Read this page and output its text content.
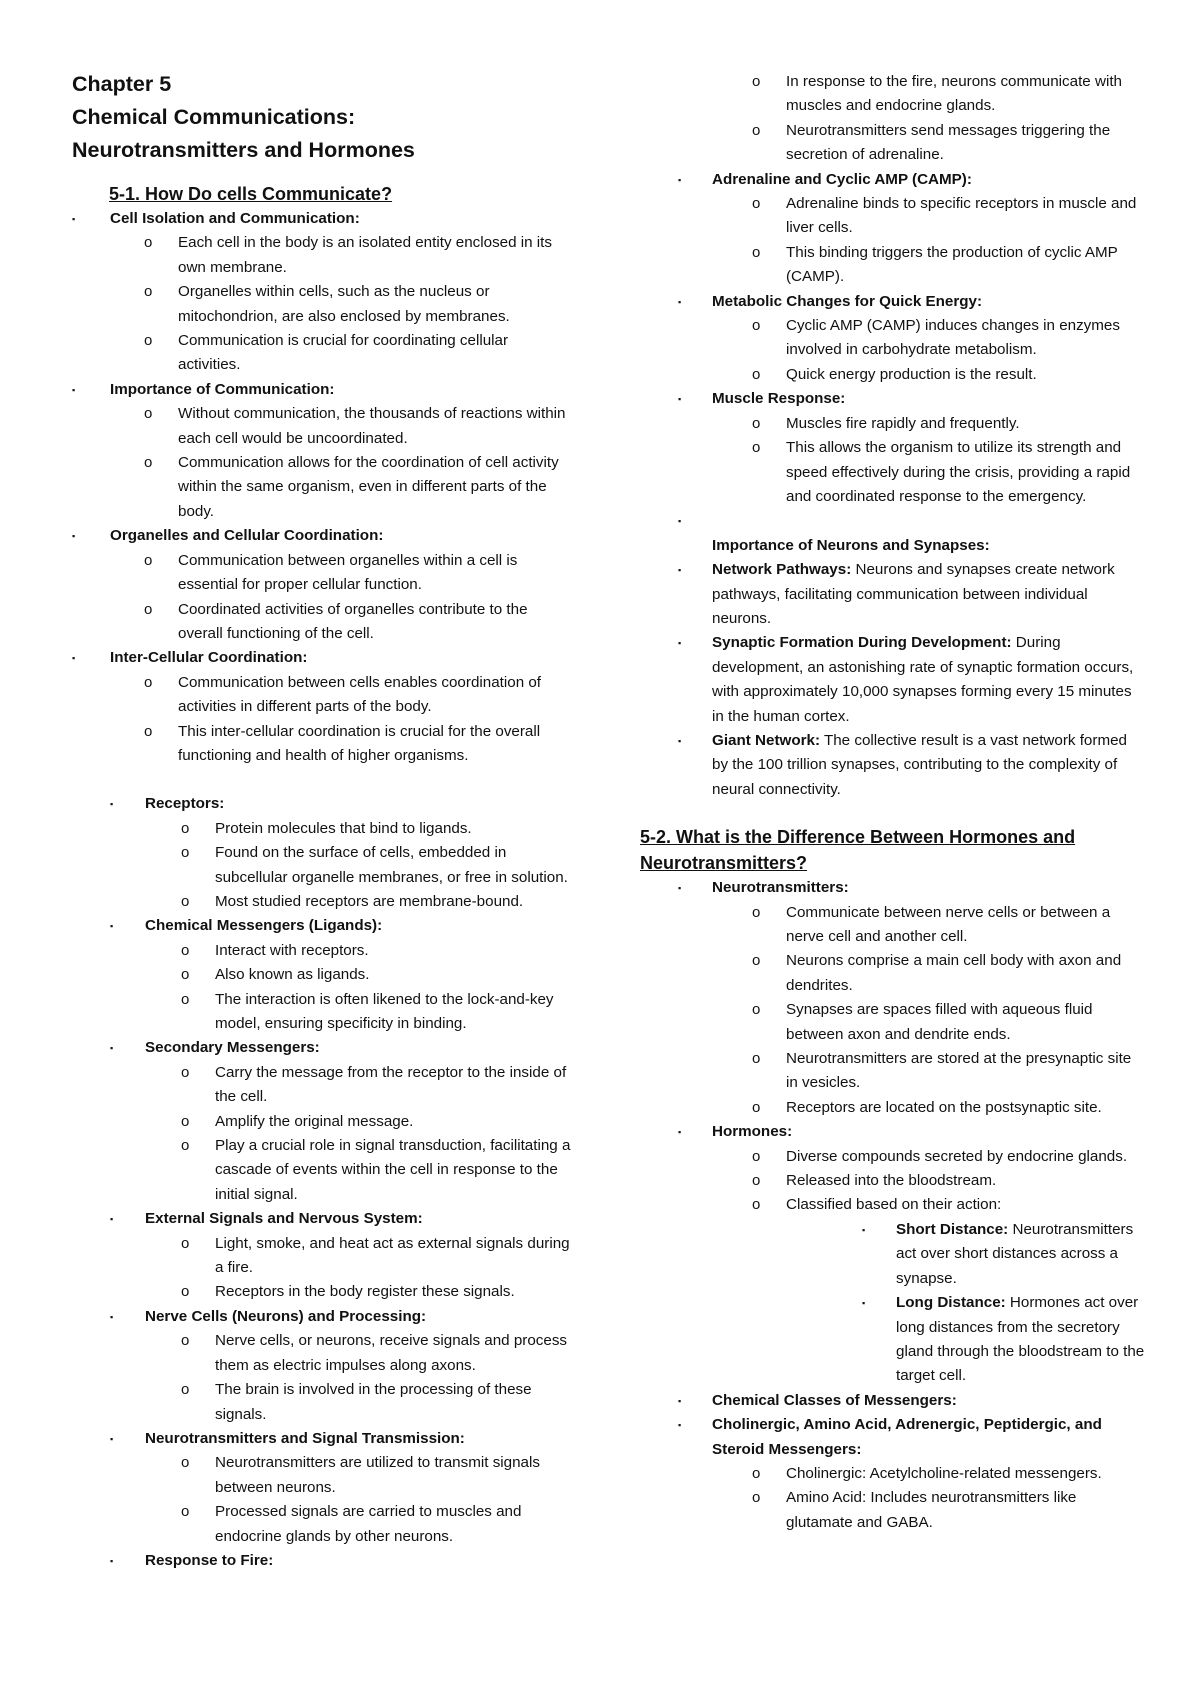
Chapter 5

Chemical Communications:

Neurotransmitters and Hormones

5-1. How Do cells Communicate?

▪ Cell Isolation and Communication:
o Each cell in the body is an isolated entity enclosed in its own membrane.
o Organelles within cells, such as the nucleus or mitochondrion, are also enclosed by membranes.
o Communication is crucial for coordinating cellular activities.
▪ Importance of Communication:
o Without communication, the thousands of reactions within each cell would be uncoordinated.
o Communication allows for the coordination of cell activity within the same organism, even in different parts of the body.
▪ Organelles and Cellular Coordination:
o Communication between organelles within a cell is essential for proper cellular function.
o Coordinated activities of organelles contribute to the overall functioning of the cell.
▪ Inter-Cellular Coordination:
o Communication between cells enables coordination of activities in different parts of the body.
o This inter-cellular coordination is crucial for the overall functioning and health of higher organisms.
▪ Receptors:
o Protein molecules that bind to ligands.
o Found on the surface of cells, embedded in subcellular organelle membranes, or free in solution.
o Most studied receptors are membrane-bound.
▪ Chemical Messengers (Ligands):
o Interact with receptors.
o Also known as ligands.
o The interaction is often likened to the lock-and-key model, ensuring specificity in binding.
▪ Secondary Messengers:
o Carry the message from the receptor to the inside of the cell.
o Amplify the original message.
o Play a crucial role in signal transduction, facilitating a cascade of events within the cell in response to the initial signal.
▪ External Signals and Nervous System:
o Light, smoke, and heat act as external signals during a fire.
o Receptors in the body register these signals.
▪ Nerve Cells (Neurons) and Processing:
o Nerve cells, or neurons, receive signals and process them as electric impulses along axons.
o The brain is involved in the processing of these signals.
▪ Neurotransmitters and Signal Transmission:
o Neurotransmitters are utilized to transmit signals between neurons.
o Processed signals are carried to muscles and endocrine glands by other neurons.
▪ Response to Fire:
o In response to the fire, neurons communicate with muscles and endocrine glands.
o Neurotransmitters send messages triggering the secretion of adrenaline.
▪ Adrenaline and Cyclic AMP (CAMP):
o Adrenaline binds to specific receptors in muscle and liver cells.
o This binding triggers the production of cyclic AMP (CAMP).
▪ Metabolic Changes for Quick Energy:
o Cyclic AMP (CAMP) induces changes in enzymes involved in carbohydrate metabolism.
o Quick energy production is the result.
▪ Muscle Response:
o Muscles fire rapidly and frequently.
o This allows the organism to utilize its strength and speed effectively during the crisis, providing a rapid and coordinated response to the emergency.
▪

Importance of Neurons and Synapses:
▪ Network Pathways: Neurons and synapses create network pathways, facilitating communication between individual neurons.
▪ Synaptic Formation During Development: During development, an astonishing rate of synaptic formation occurs, with approximately 10,000 synapses forming every 15 minutes in the human cortex.
▪ Giant Network: The collective result is a vast network formed by the 100 trillion synapses, contributing to the complexity of neural connectivity.

5-2. What is the Difference Between Hormones and Neurotransmitters?

▪ Neurotransmitters:
o Communicate between nerve cells or between a nerve cell and another cell.
o Neurons comprise a main cell body with axon and dendrites.
o Synapses are spaces filled with aqueous fluid between axon and dendrite ends.
o Neurotransmitters are stored at the presynaptic site in vesicles.
o Receptors are located on the postsynaptic site.
▪ Hormones:
o Diverse compounds secreted by endocrine glands.
o Released into the bloodstream.
o Classified based on their action:
▪ Short Distance: Neurotransmitters act over short distances across a synapse.
▪ Long Distance: Hormones act over long distances from the secretory gland through the bloodstream to the target cell.
▪ Chemical Classes of Messengers:
▪ Cholinergic, Amino Acid, Adrenergic, Peptidergic, and Steroid Messengers:
o Cholinergic: Acetylcholine-related messengers.
o Amino Acid: Includes neurotransmitters like glutamate and GABA.
